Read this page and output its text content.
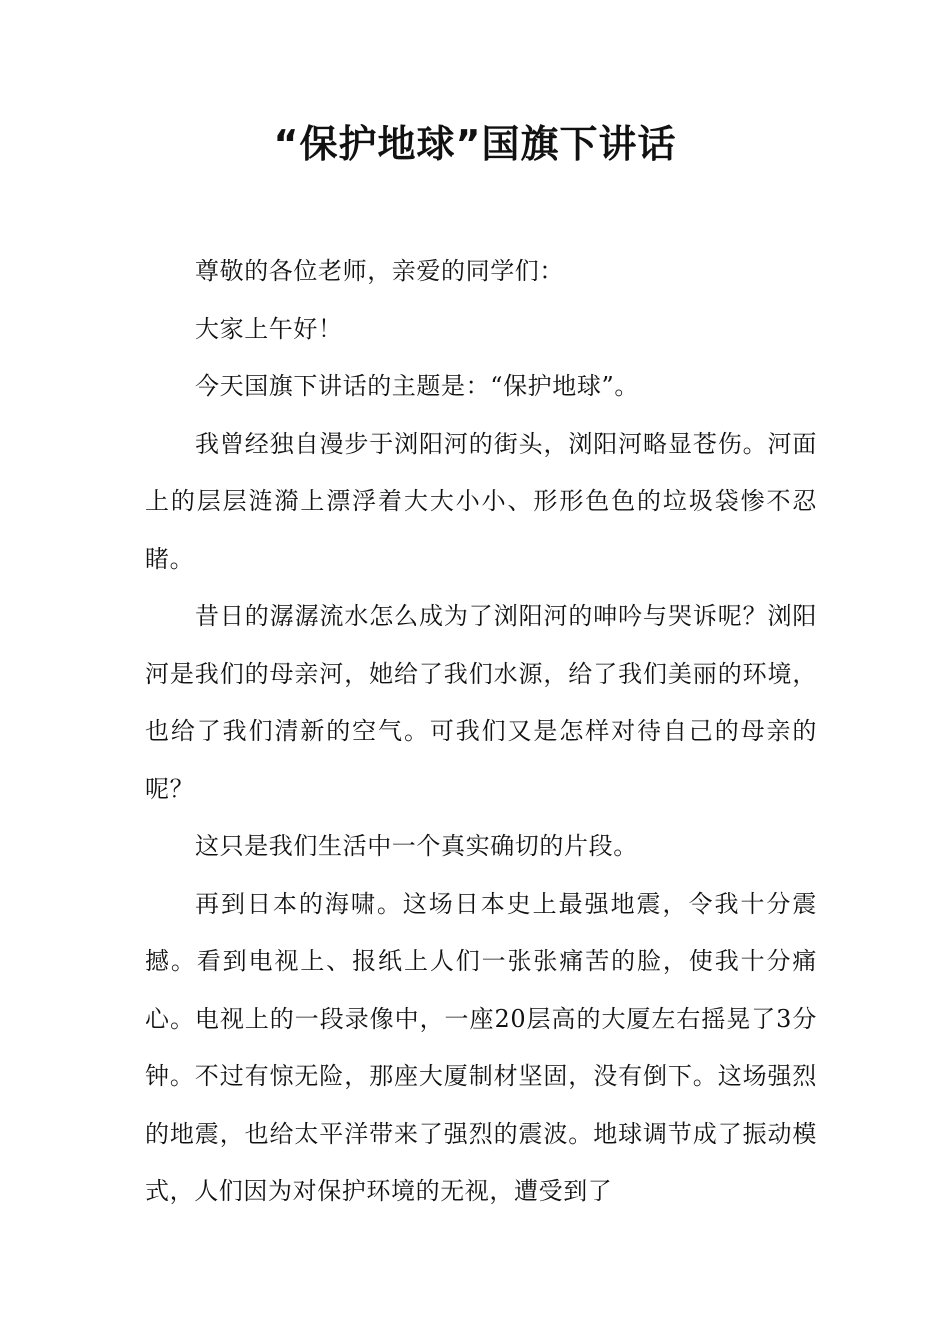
“保护地球”国旗下讲话

尊敬的各位老师，亲爱的同学们：

大家上午好！

今天国旗下讲话的主题是：“保护地球”。

我曾经独自漫步于浏阳河的街头，浏阳河略显苍伤。河面上的层层涟漪上漂浮着大大小小、形形色色的垃圾袋惨不忍睹。

昔日的潺潺流水怎么成为了浏阳河的呻吟与哭诉呢？浏阳河是我们的母亲河，她给了我们水源，给了我们美丽的环境，也给了我们清新的空气。可我们又是怎样对待自己的母亲的呢？

这只是我们生活中一个真实确切的片段。

再到日本的海啸。这场日本史上最强地震，令我十分震撼。看到电视上、报纸上人们一张张痛苦的脸，使我十分痛心。电视上的一段录像中，一座20层高的大厦左右摇晃了3分钟。不过有惊无险，那座大厦制材坚固，没有倒下。这场强烈的地震，也给太平洋带来了强烈的震波。地球调节成了振动模式，人们因为对保护环境的无视，遭受到了
